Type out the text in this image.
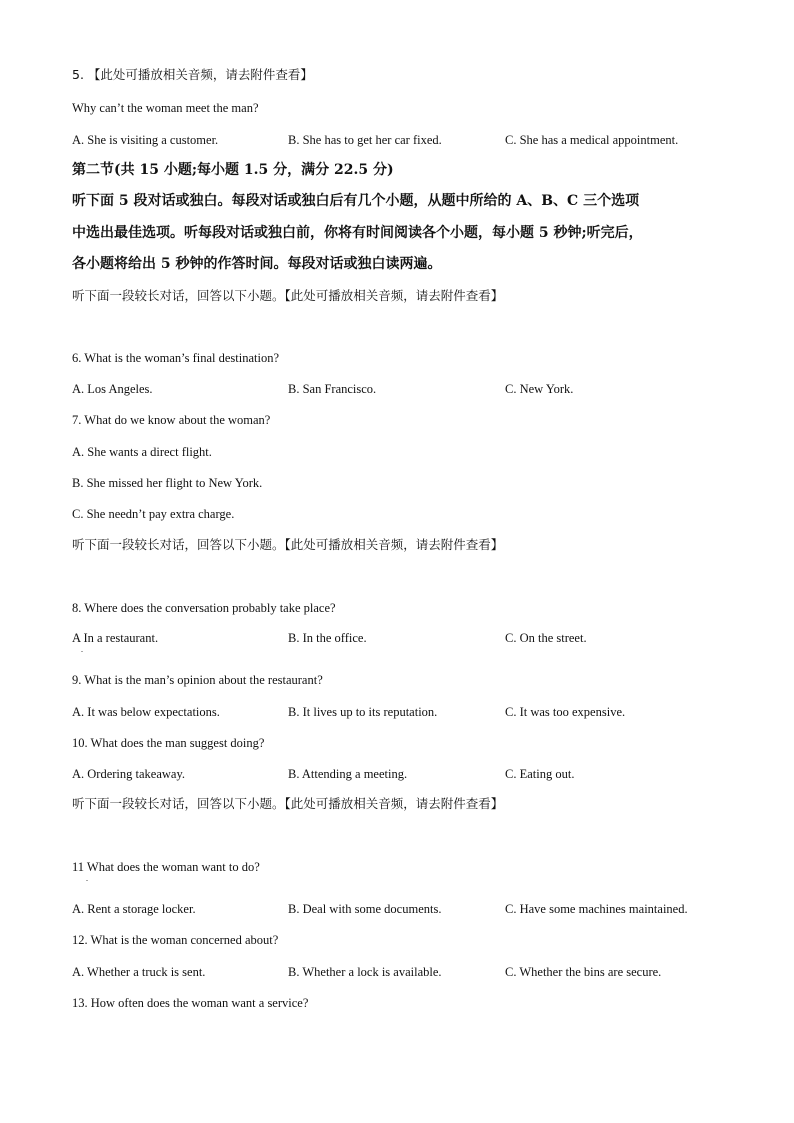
5. 【此处可播放相关音频，请去附件查看】
Why can’t the woman meet the man?
A. She is visiting a customer.	B. She has to get her car fixed.	C. She has a medical appointment.
第二节(共 15 小题;每小题 1.5 分，满分 22.5 分)
听下面 5 段对话或独白。每段对话或独白后有几个小题，从题中所给的 A、B、C 三个选项
中选出最佳选项。听每段对话或独白前，你将有时间阅读各个小题，每小题 5 秒钟;听完后，
各小题将给出 5 秒钟的作答时间。每段对话或独白读两遍。
听下面一段较长对话，回答以下小题。【此处可播放相关音频，请去附件查看】
6. What is the woman’s final destination?
A. Los Angeles.	B. San Francisco.	C. New York.
7. What do we know about the woman?
A. She wants a direct flight.
B. She missed her flight to New York.
C. She needn’t pay extra charge.
听下面一段较长对话，回答以下小题。【此处可播放相关音频，请去附件查看】
8. Where does the conversation probably take place?
A In a restaurant.
.
B. In the office.	C. On the street.
9. What is the man’s opinion about the restaurant?
A. It was below expectations.	B. It lives up to its reputation.	C. It was too expensive.
10. What does the man suggest doing?
A. Ordering takeaway.	B. Attending a meeting.	C. Eating out.
听下面一段较长对话，回答以下小题。【此处可播放相关音频，请去附件查看】
11 What does the woman want to do?
.
A. Rent a storage locker.	B. Deal with some documents.	C. Have some machines maintained.
12. What is the woman concerned about?
A. Whether a truck is sent.	B. Whether a lock is available.	C. Whether the bins are secure.
13. How often does the woman want a service?
